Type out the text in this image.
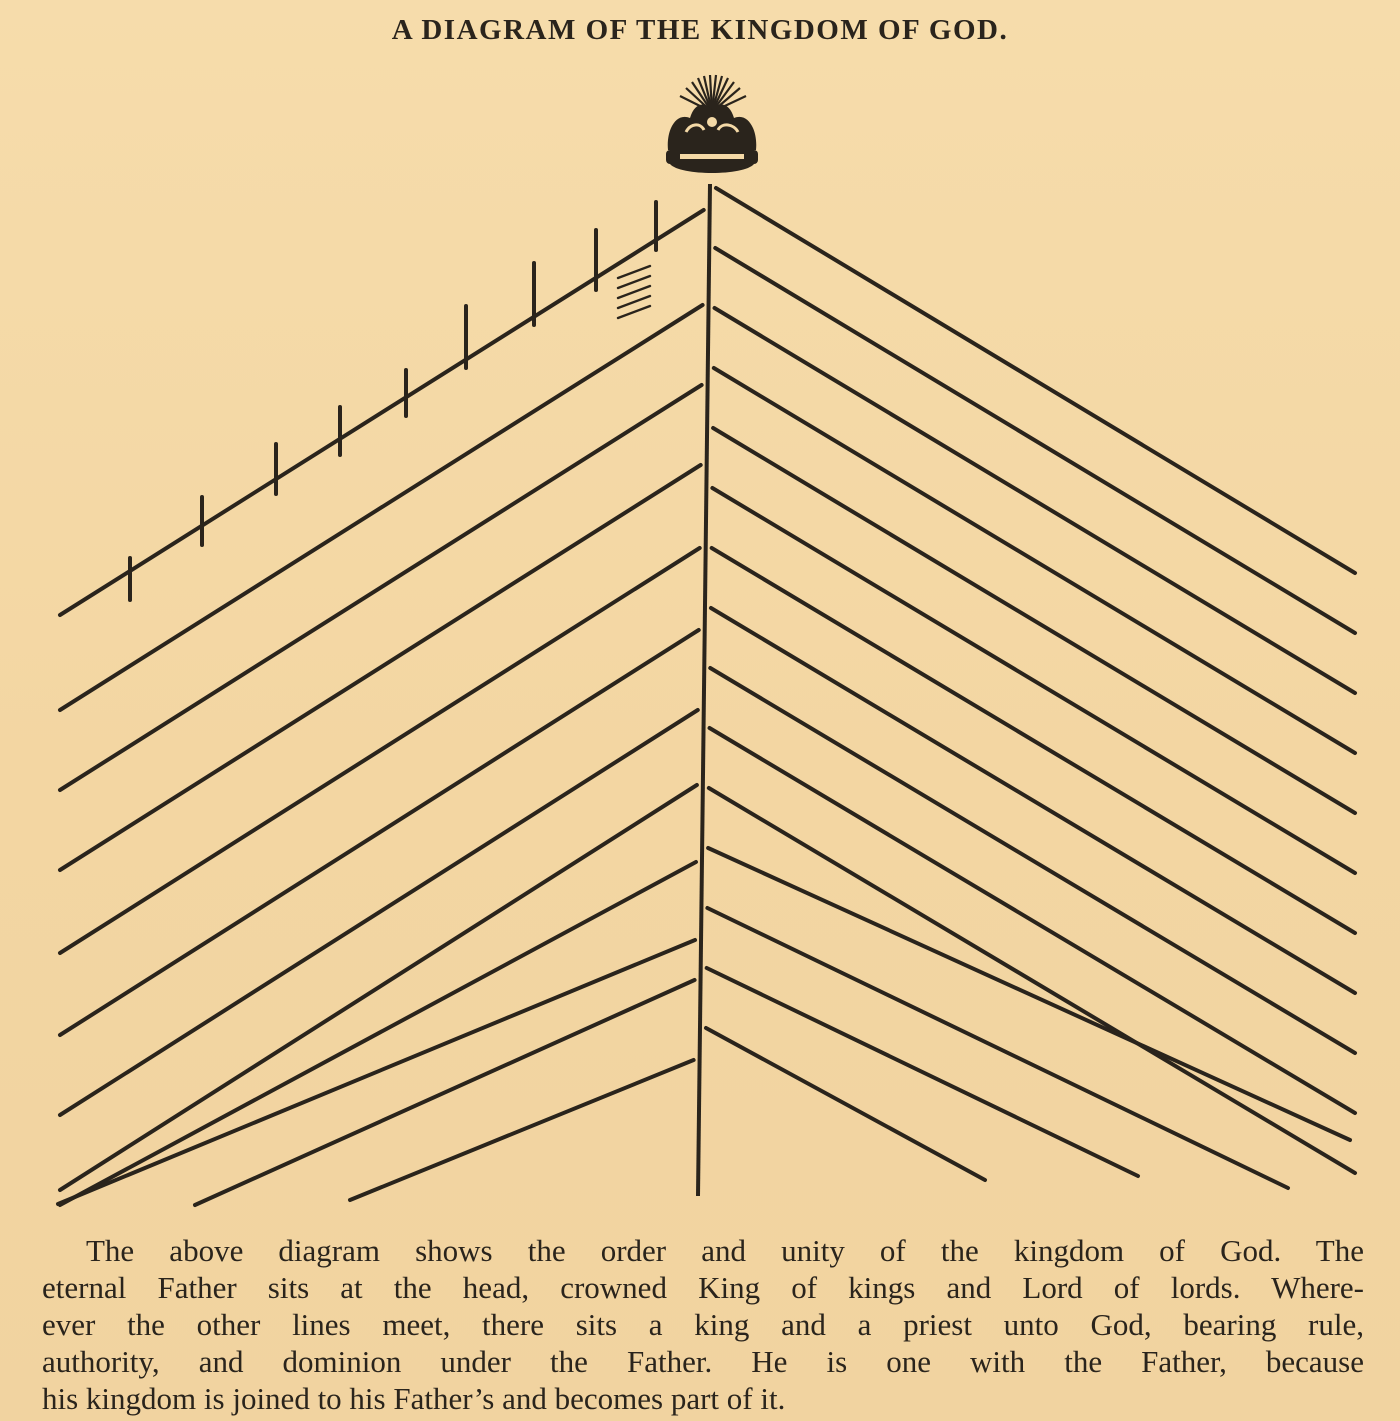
A DIAGRAM OF THE KINGDOM OF GOD.

The above diagram shows the order and unity of the kingdom of God. The
eternal Father sits at the head, crowned King of kings and Lord of lords. Where-
ever the other lines meet, there sits a king and a priest unto God, bearing rule,
authority, and dominion under the Father. He is one with the Father, because
his kingdom is joined to his Father’s and becomes part of it.
